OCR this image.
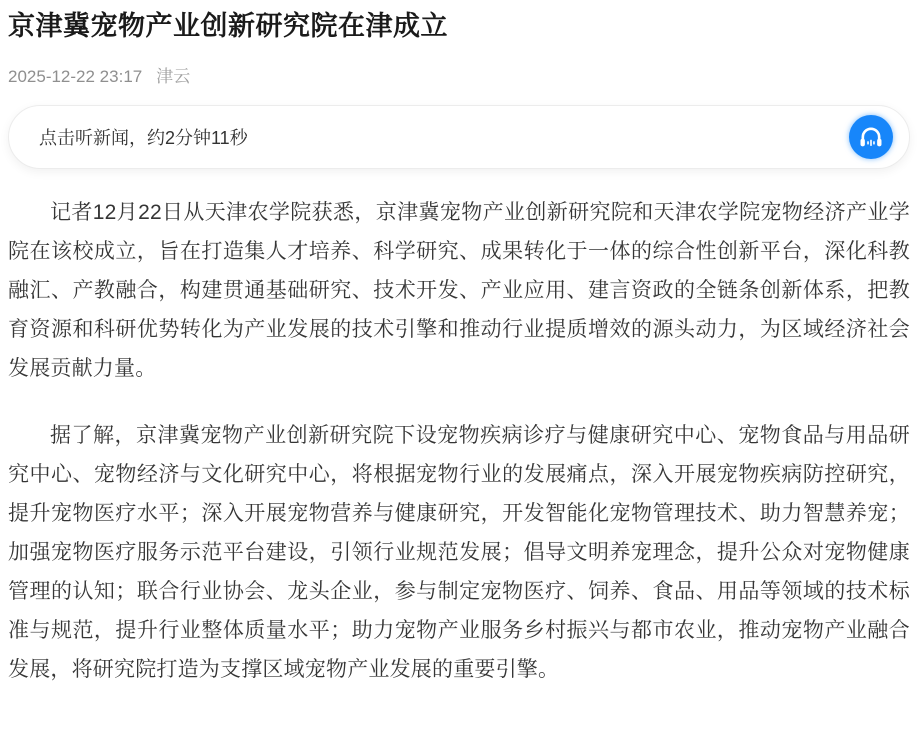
京津冀宠物产业创新研究院在津成立
2025-12-22 23:17 津云
点击听新闻，约2分钟11秒

记者12月22日从天津农学院获悉，京津冀宠物产业创新研究院和天津农学院宠物经济产业学院在该校成立，旨在打造集人才培养、科学研究、成果转化于一体的综合性创新平台，深化科教融汇、产教融合，构建贯通基础研究、技术开发、产业应用、建言资政的全链条创新体系，把教育资源和科研优势转化为产业发展的技术引擎和推动行业提质增效的源头动力，为区域经济社会发展贡献力量。

据了解，京津冀宠物产业创新研究院下设宠物疾病诊疗与健康研究中心、宠物食品与用品研究中心、宠物经济与文化研究中心，将根据宠物行业的发展痛点，深入开展宠物疾病防控研究，提升宠物医疗水平；深入开展宠物营养与健康研究，开发智能化宠物管理技术、助力智慧养宠；加强宠物医疗服务示范平台建设，引领行业规范发展；倡导文明养宠理念，提升公众对宠物健康管理的认知；联合行业协会、龙头企业，参与制定宠物医疗、饲养、食品、用品等领域的技术标准与规范，提升行业整体质量水平；助力宠物产业服务乡村振兴与都市农业，推动宠物产业融合发展，将研究院打造为支撑区域宠物产业发展的重要引擎。
